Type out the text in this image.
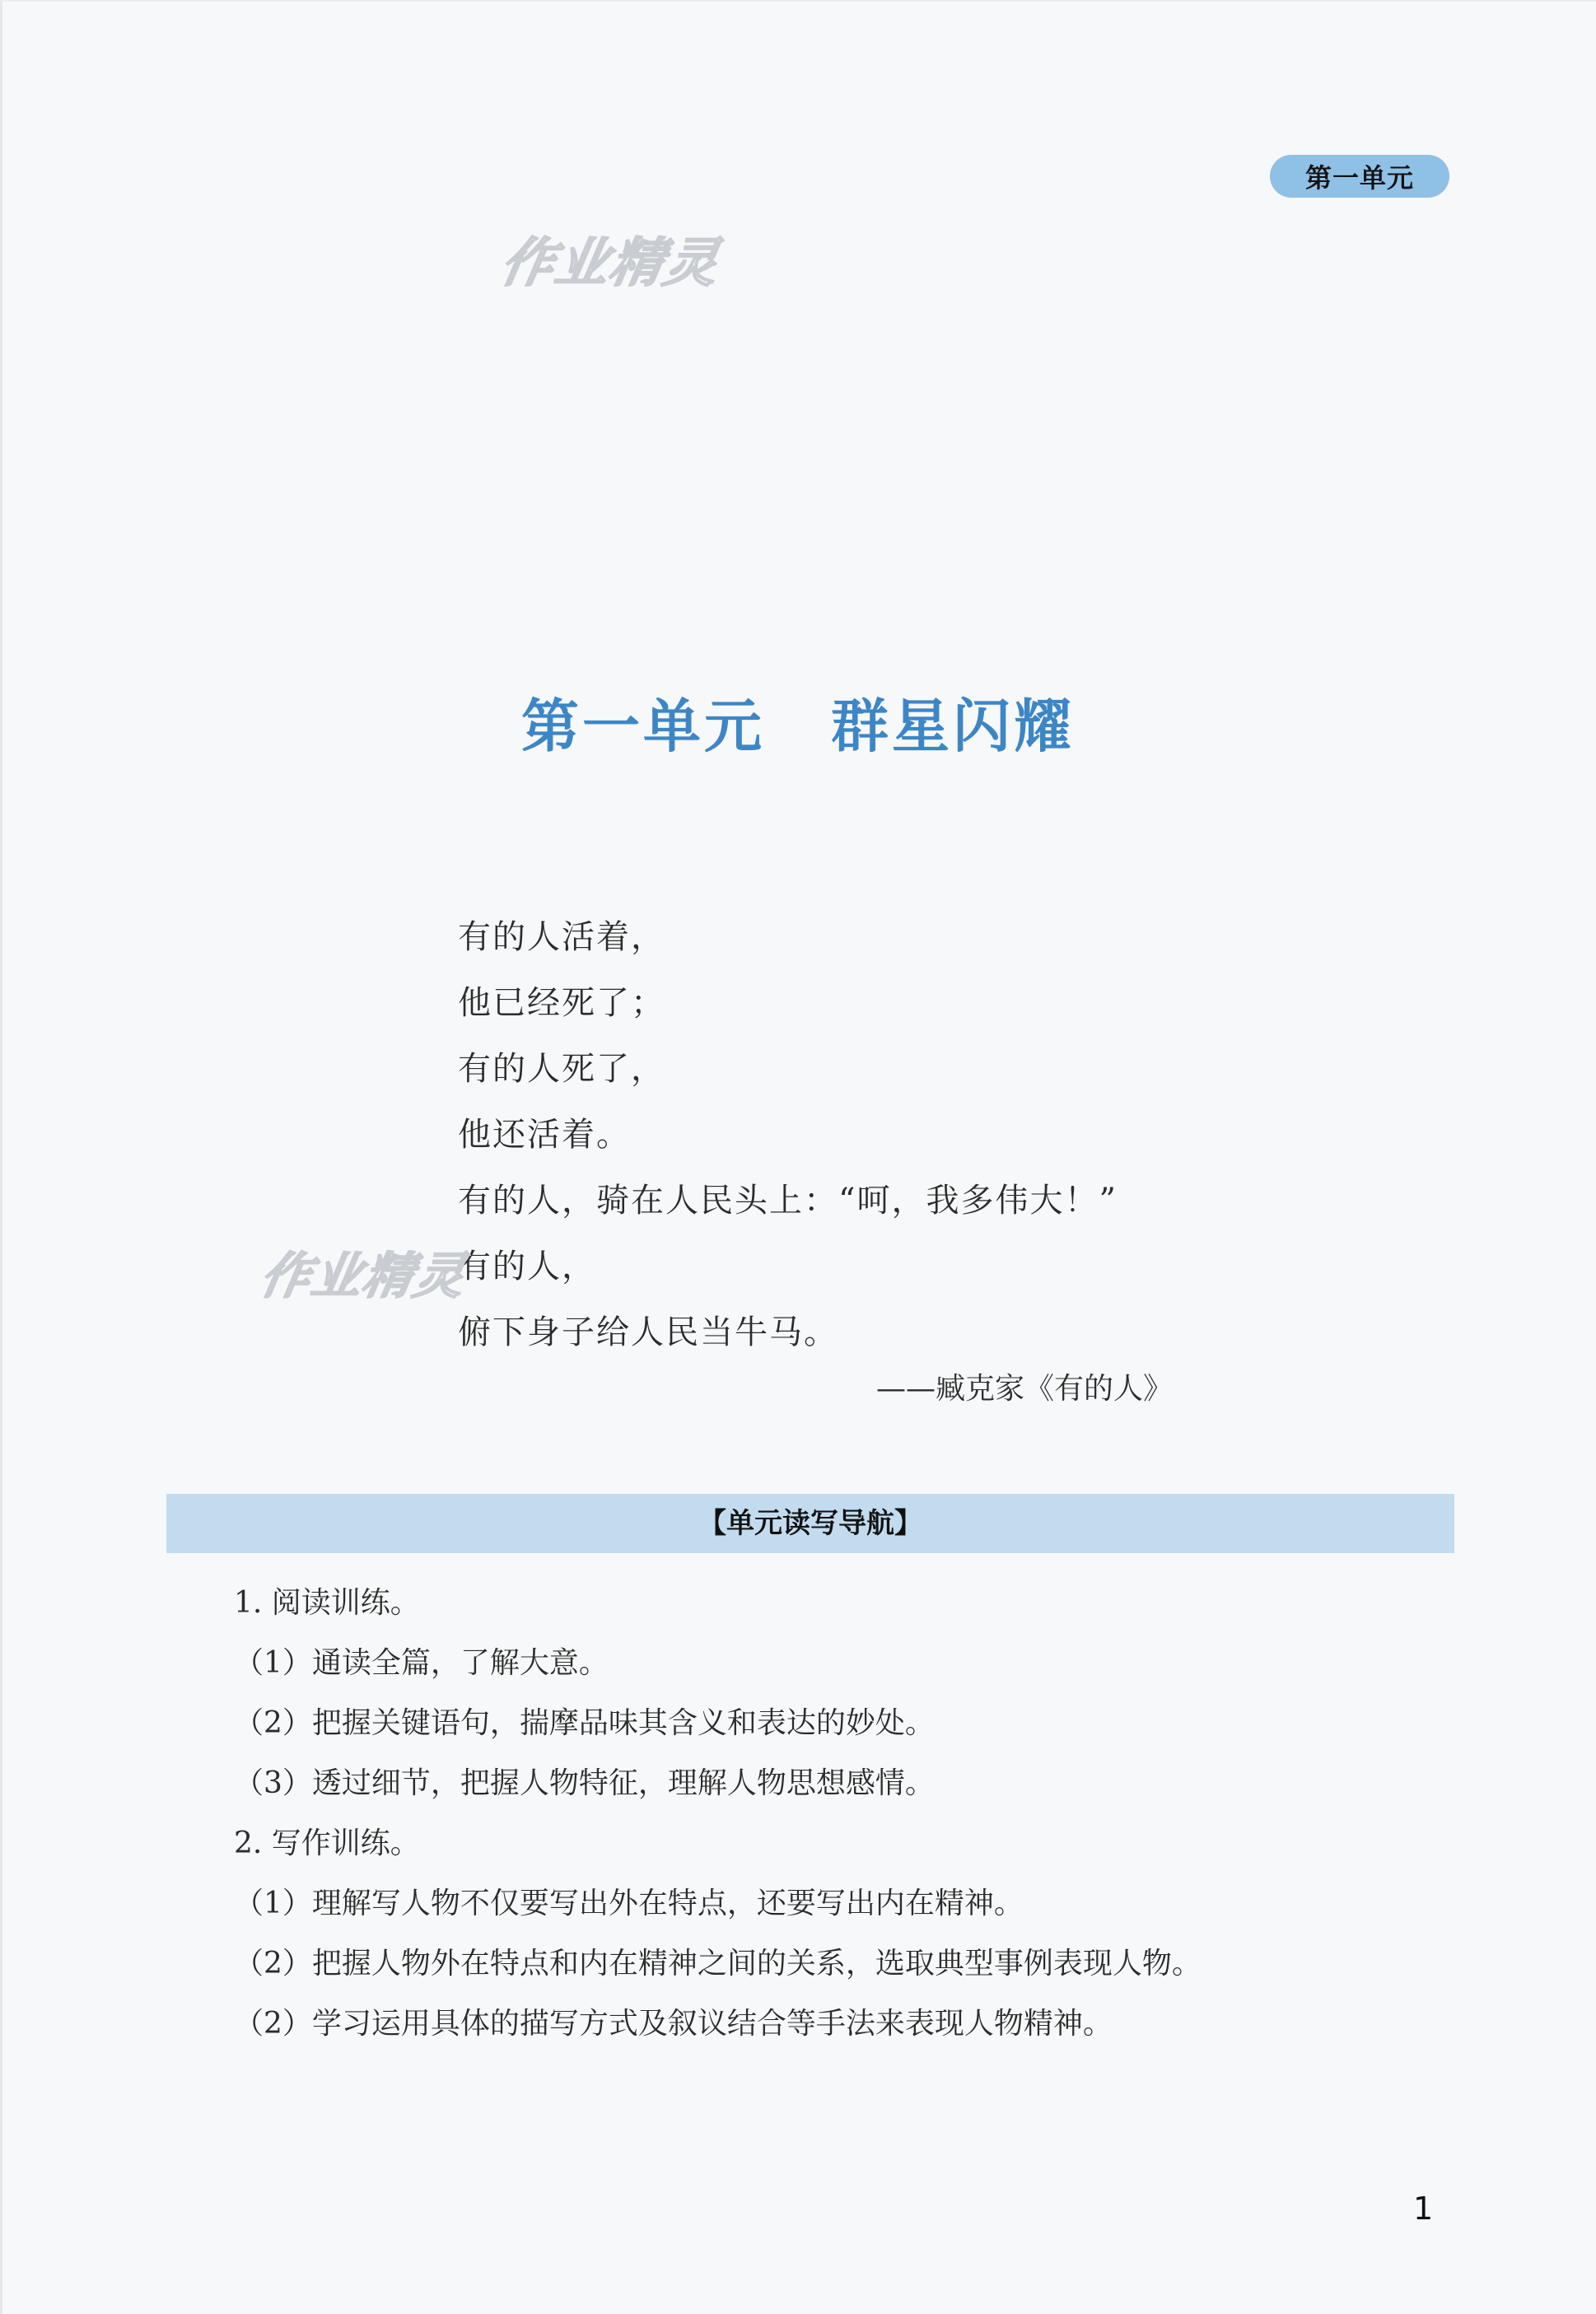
第一单元
作业精灵
第一单元 群星闪耀
有的人活着，
他已经死了；
有的人死了，
他还活着。
有的人，骑在人民头上：“呵，我多伟大！”
有的人，
俯下身子给人民当牛马。
作业精灵
——臧克家《有的人》
【单元读写导航】
1. 阅读训练。
（1）通读全篇，了解大意。
（2）把握关键语句，揣摩品味其含义和表达的妙处。
（3）透过细节，把握人物特征，理解人物思想感情。
2. 写作训练。
（1）理解写人物不仅要写出外在特点，还要写出内在精神。
（2）把握人物外在特点和内在精神之间的关系，选取典型事例表现人物。
（2）学习运用具体的描写方式及叙议结合等手法来表现人物精神。
1
